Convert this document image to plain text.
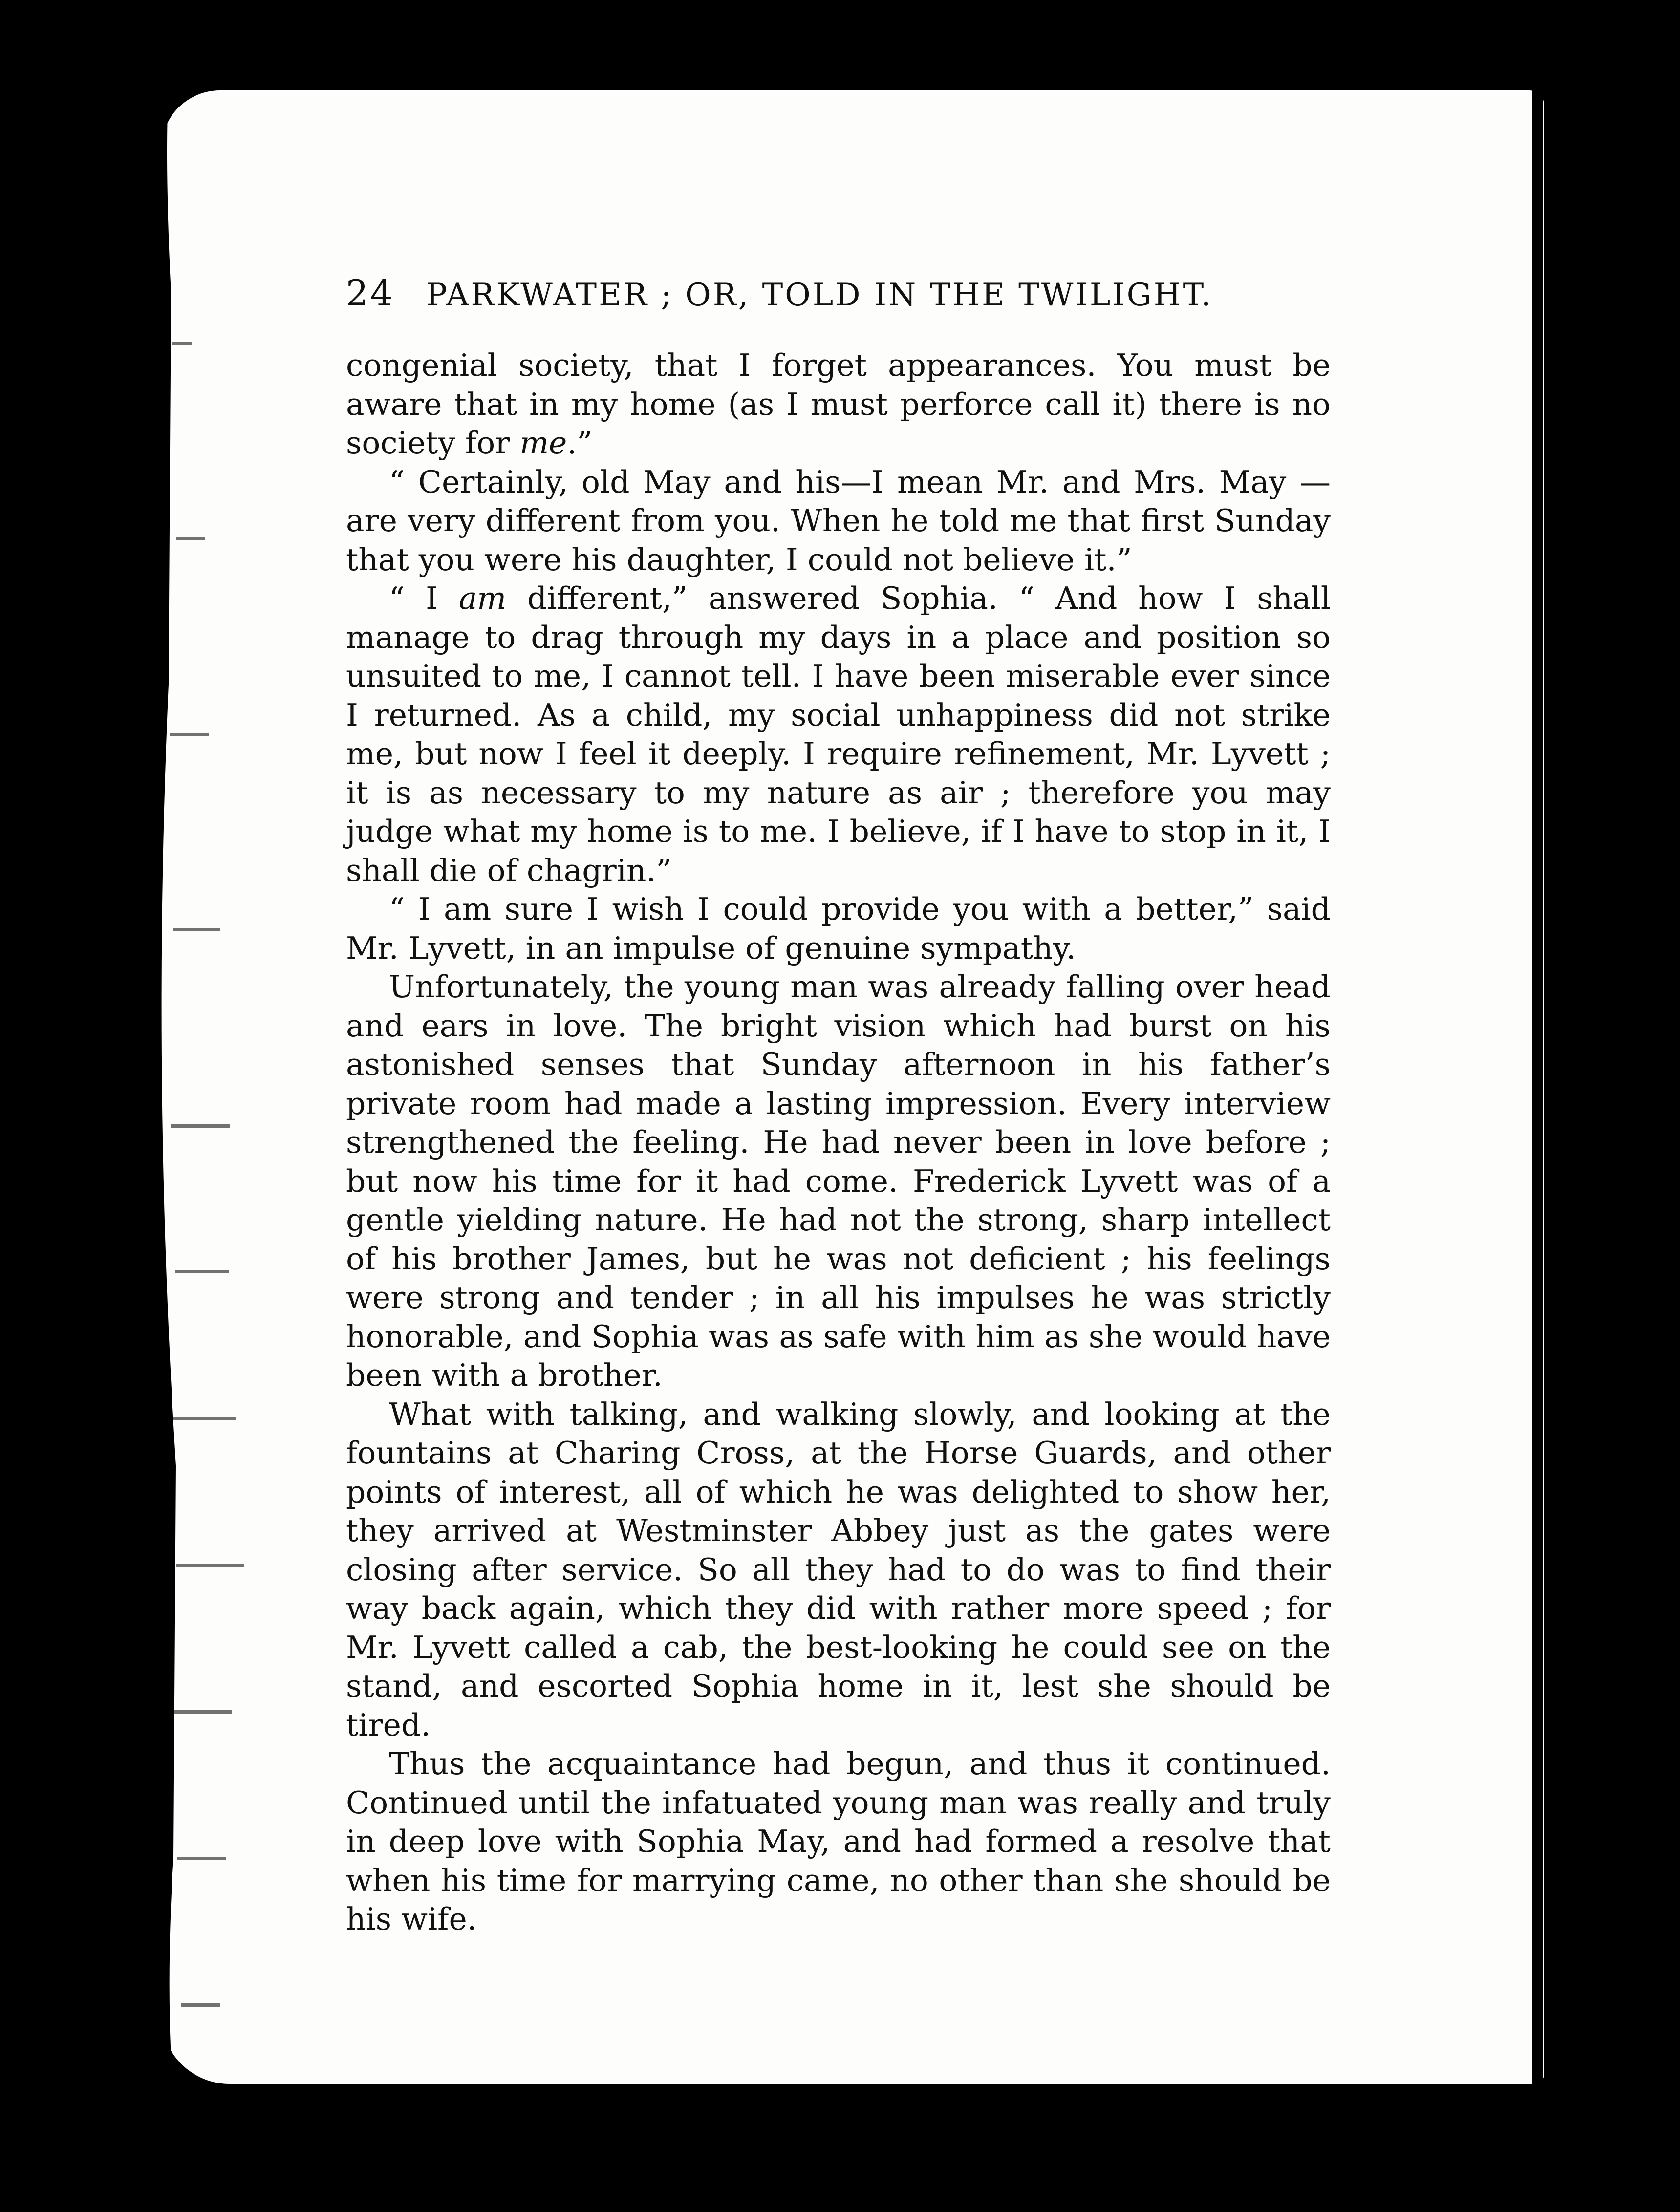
24 PARKWATER ; OR, TOLD IN THE TWILIGHT.

congenial society, that I forget appearances. You must be aware that in my home (as I must perforce call it) there is no society for me.”

“ Certainly, old May and his—I mean Mr. and Mrs. May —are very different from you. When he told me that first Sunday that you were his daughter, I could not believe it.”

“ I am different,” answered Sophia. “ And how I shall manage to drag through my days in a place and position so unsuited to me, I cannot tell. I have been miserable ever since I returned. As a child, my social unhappiness did not strike me, but now I feel it deeply. I require refinement, Mr. Lyvett ; it is as necessary to my nature as air ; therefore you may judge what my home is to me. I believe, if I have to stop in it, I shall die of chagrin.”

“ I am sure I wish I could provide you with a better,” said Mr. Lyvett, in an impulse of genuine sympathy.

Unfortunately, the young man was already falling over head and ears in love. The bright vision which had burst on his astonished senses that Sunday afternoon in his father’s private room had made a lasting impression. Every interview strengthened the feeling. He had never been in love before ; but now his time for it had come. Frederick Lyvett was of a gentle yielding nature. He had not the strong, sharp intellect of his brother James, but he was not deficient ; his feelings were strong and tender ; in all his impulses he was strictly honorable, and Sophia was as safe with him as she would have been with a brother.

What with talking, and walking slowly, and looking at the fountains at Charing Cross, at the Horse Guards, and other points of interest, all of which he was delighted to show her, they arrived at Westminster Abbey just as the gates were closing after service. So all they had to do was to find their way back again, which they did with rather more speed ; for Mr. Lyvett called a cab, the best-looking he could see on the stand, and escorted Sophia home in it, lest she should be tired.

Thus the acquaintance had begun, and thus it continued. Continued until the infatuated young man was really and truly in deep love with Sophia May, and had formed a resolve that when his time for marrying came, no other than she should be his wife.
